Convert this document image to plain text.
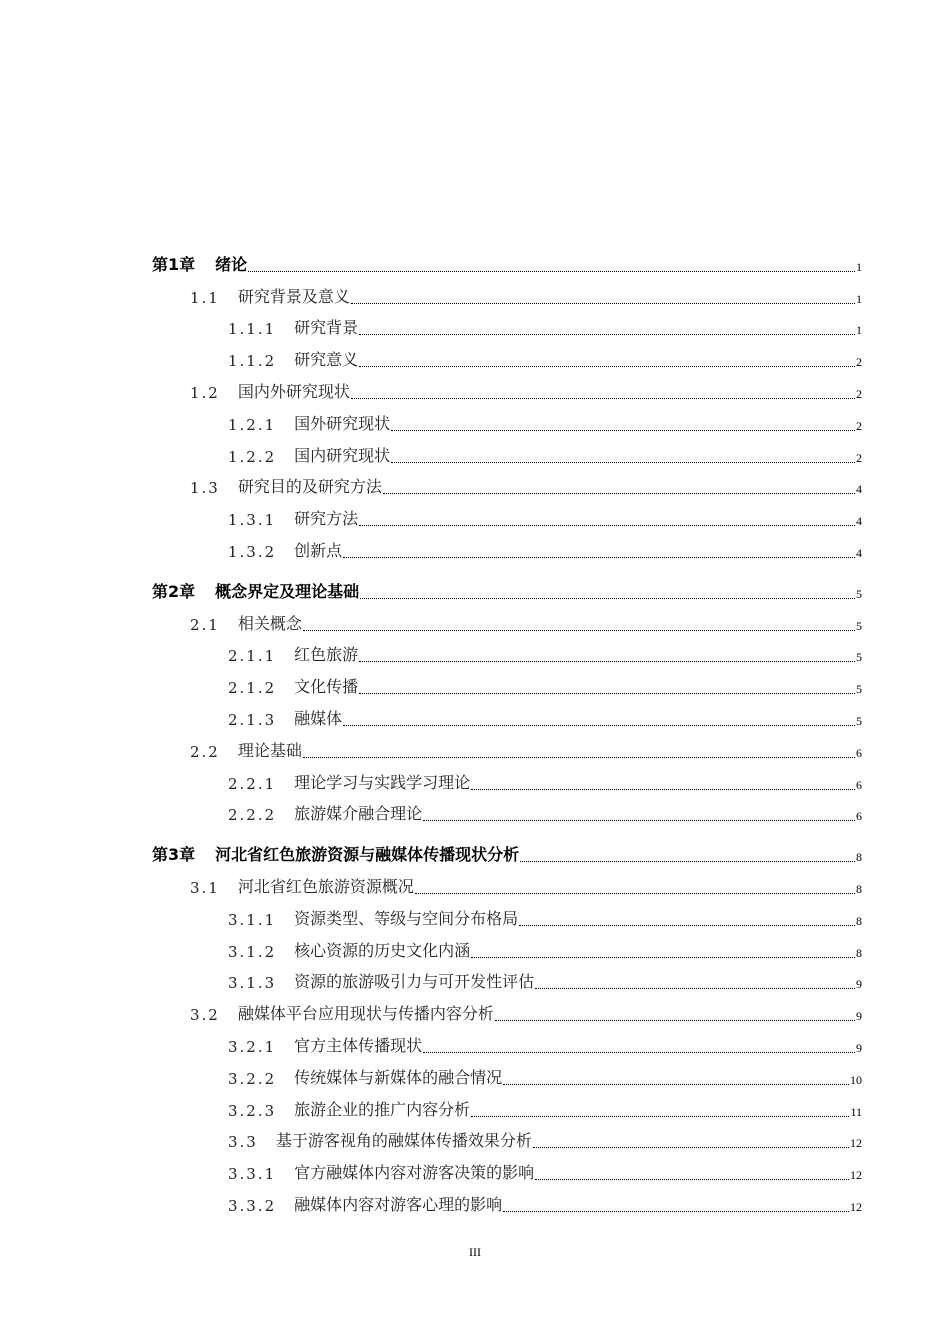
第1章 绪论	1
1.1 研究背景及意义	1
1.1.1 研究背景	1
1.1.2 研究意义	2
1.2 国内外研究现状	2
1.2.1 国外研究现状	2
1.2.2 国内研究现状	2
1.3 研究目的及研究方法	4
1.3.1 研究方法	4
1.3.2 创新点	4
第2章 概念界定及理论基础	5
2.1 相关概念	5
2.1.1 红色旅游	5
2.1.2 文化传播	5
2.1.3 融媒体	5
2.2 理论基础	6
2.2.1 理论学习与实践学习理论	6
2.2.2 旅游媒介融合理论	6
第3章 河北省红色旅游资源与融媒体传播现状分析	8
3.1 河北省红色旅游资源概况	8
3.1.1 资源类型、等级与空间分布格局	8
3.1.2 核心资源的历史文化内涵	8
3.1.3 资源的旅游吸引力与可开发性评估	9
3.2 融媒体平台应用现状与传播内容分析	9
3.2.1 官方主体传播现状	9
3.2.2 传统媒体与新媒体的融合情况	10
3.2.3 旅游企业的推广内容分析	11
3.3 基于游客视角的融媒体传播效果分析	12
3.3.1 官方融媒体内容对游客决策的影响	12
3.3.2 融媒体内容对游客心理的影响	12
III
